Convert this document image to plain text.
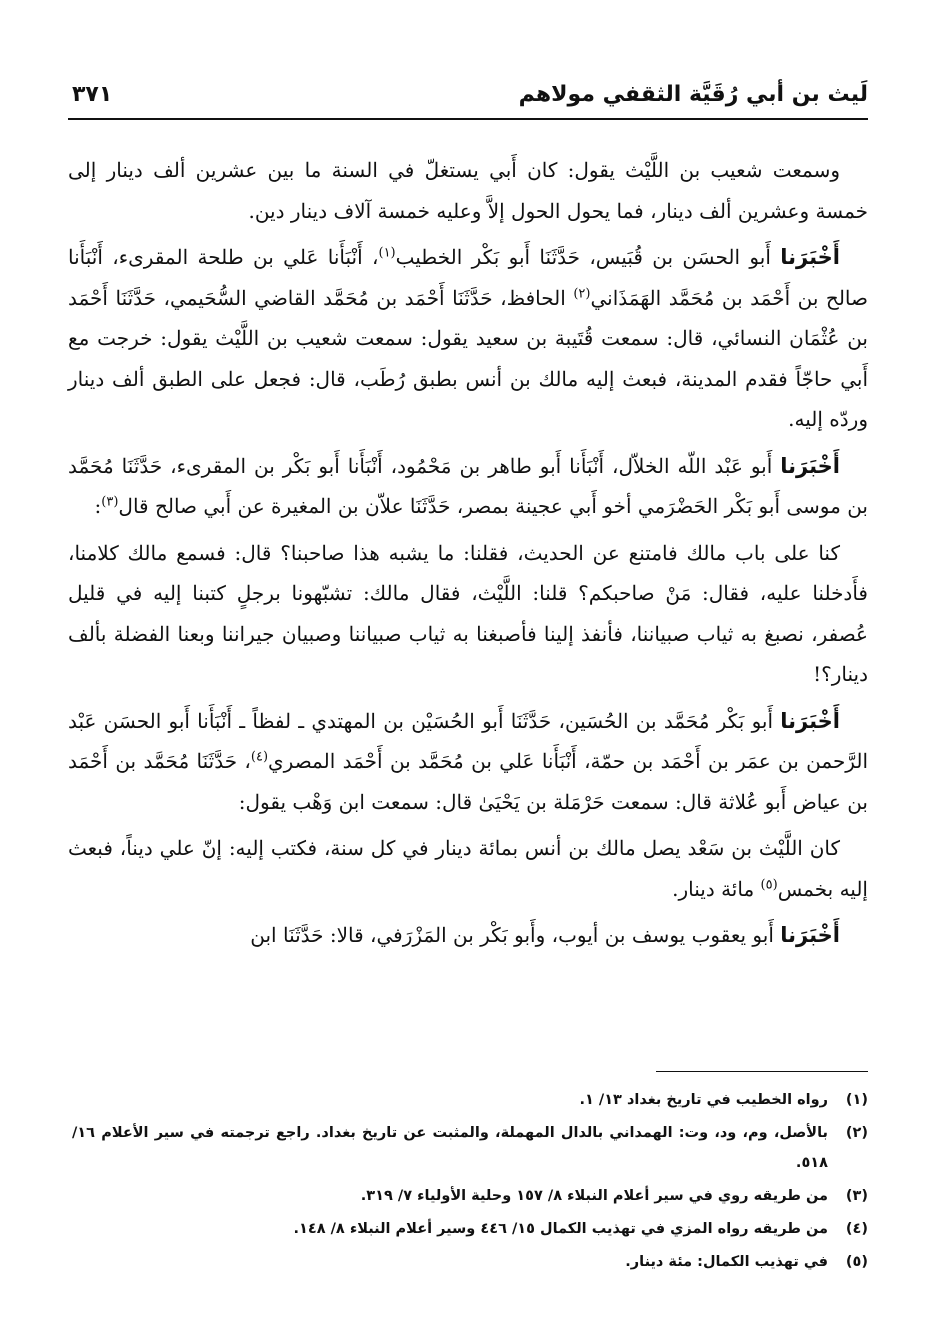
لَيث بن أبي رُقَيَّة الثقفي مولاهم
٣٧١

وسمعت شعيب بن اللَّيْث يقول: كان أَبي يستغلّ في السنة ما بين عشرين ألف دينار إلى خمسة وعشرين ألف دينار، فما يحول الحول إلاَّ وعليه خمسة آلاف دينار دين.

أَخْبَرَنا أَبو الحسَن بن قُبَيس، حَدَّثَنَا أَبو بَكْر الخطيب$^{(١)}$، أَنْبَأَنا عَلي بن طلحة المقرىء، أَنْبَأَنا صالح بن أَحْمَد بن مُحَمَّد الهَمَذَاني$^{(٢)}$ الحافظ، حَدَّثَنَا أَحْمَد بن مُحَمَّد القاضي السُّحَيمي، حَدَّثَنَا أَحْمَد بن عُثْمَان النسائي، قال: سمعت قُتَيبة بن سعيد يقول: سمعت شعيب بن اللَّيْث يقول: خرجت مع أَبي حاجّاً فقدم المدينة، فبعث إليه مالك بن أنس بطبق رُطَب، قال: فجعل على الطبق ألف دينار وردّه إليه.

أَخْبَرَنا أَبو عَبْد اللّه الخلاّل، أَنْبَأَنا أَبو طاهر بن مَحْمُود، أَنْبَأَنا أَبو بَكْر بن المقرىء، حَدَّثَنَا مُحَمَّد بن موسى أَبو بَكْر الحَضْرَمي أخو أَبي عجينة بمصر، حَدَّثَنَا علاّن بن المغيرة عن أَبي صالح قال$^{(٣)}$:

كنا على باب مالك فامتنع عن الحديث، فقلنا: ما يشبه هذا صاحبنا؟ قال: فسمع مالك كلامنا، فأَدخلنا عليه، فقال: مَنْ صاحبكم؟ قلنا: اللَّيْث، فقال مالك: تشبّهونا برجلٍ كتبنا إليه في قليل عُصفر، نصبغ به ثياب صبياننا، فأنفذ إلينا فأصبغنا به ثياب صبياننا وصبيان جيراننا وبعنا الفضلة بألف دينار؟!

أَخْبَرَنا أَبو بَكْر مُحَمَّد بن الحُسَين، حَدَّثَنَا أَبو الحُسَيْن بن المهتدي ـ لفظاً ـ أَنْبَأَنا أَبو الحسَن عَبْد الرَّحمن بن عمَر بن أَحْمَد بن حمّة، أَنْبَأَنا عَلي بن مُحَمَّد بن أَحْمَد المصري$^{(٤)}$، حَدَّثَنَا مُحَمَّد بن أَحْمَد بن عياض أَبو عُلاثة قال: سمعت حَرْمَلة بن يَحْيَىٰ قال: سمعت ابن وَهْب يقول:

كان اللَّيْث بن سَعْد يصل مالك بن أنس بمائة دينار في كل سنة، فكتب إليه: إنّ علي ديناً، فبعث إليه بخمس$^{(٥)}$ مائة دينار.

أَخْبَرَنا أَبو يعقوب يوسف بن أيوب، وأَبو بَكْر بن المَزْرَفي، قالا: حَدَّثَنَا ابن

(١)
رواه الخطيب في تاريخ بغداد ١٣/ ١.
(٢)
بالأصل، وم، ود، وت: الهمداني بالدال المهملة، والمثبت عن تاريخ بغداد. راجع ترجمته في سير الأعلام ١٦/ ٥١٨.
(٣)
من طريقه روي في سير أعلام النبلاء ٨/ ١٥٧ وحلية الأولياء ٧/ ٣١٩.
(٤)
من طريقه رواه المزي في تهذيب الكمال ١٥/ ٤٤٦ وسير أعلام النبلاء ٨/ ١٤٨.
(٥)
في تهذيب الكمال: مئة دينار.
